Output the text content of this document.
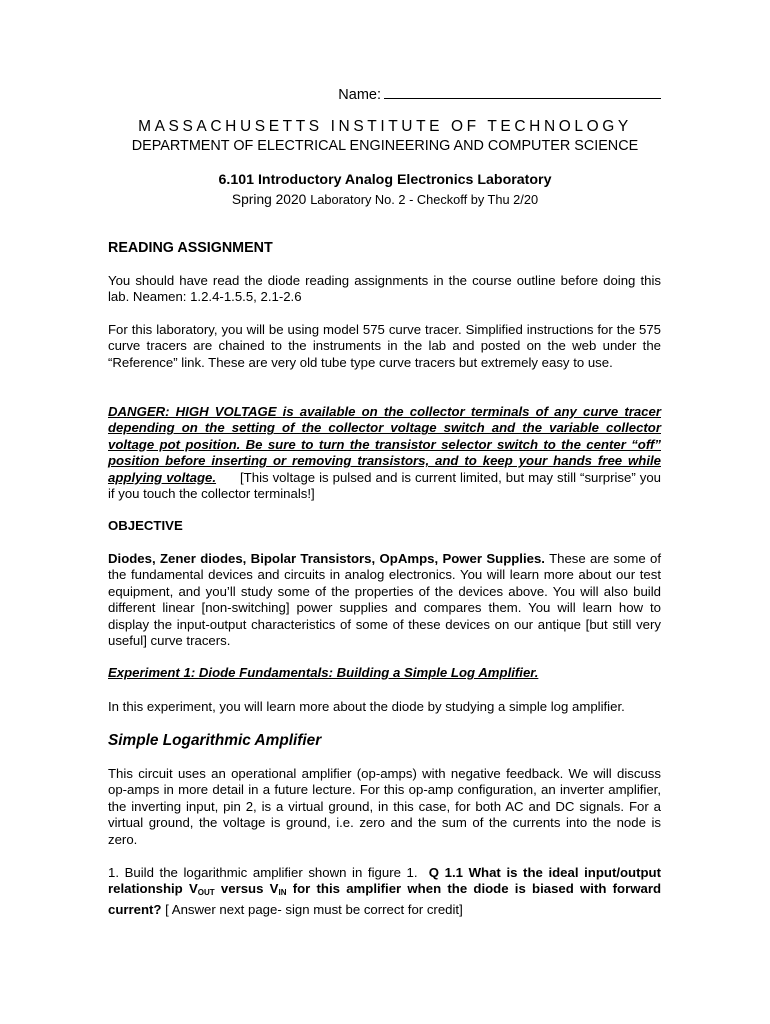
Name:
MASSACHUSETTS INSTITUTE OF TECHNOLOGY
DEPARTMENT OF ELECTRICAL ENGINEERING AND COMPUTER SCIENCE
6.101 Introductory Analog Electronics Laboratory
Spring 2020 Laboratory No. 2 - Checkoff by Thu 2/20
READING ASSIGNMENT

You should have read the diode reading assignments in the course outline before doing this lab. Neamen: 1.2.4-1.5.5, 2.1-2.6

For this laboratory, you will be using model 575 curve tracer. Simplified instructions for the 575 curve tracers are chained to the instruments in the lab and posted on the web under the “Reference” link. These are very old tube type curve tracers but extremely easy to use.

DANGER: HIGH VOLTAGE is available on the collector terminals of any curve tracer depending on the setting of the collector voltage switch and the variable collector voltage pot position. Be sure to turn the transistor selector switch to the center “off” position before inserting or removing transistors, and to keep your hands free while applying voltage. [This voltage is pulsed and is current limited, but may still “surprise” you if you touch the collector terminals!]

OBJECTIVE

Diodes, Zener diodes, Bipolar Transistors, OpAmps, Power Supplies. These are some of the fundamental devices and circuits in analog electronics. You will learn more about our test equipment, and you’ll study some of the properties of the devices above. You will also build different linear [non-switching] power supplies and compares them. You will learn how to display the input-output characteristics of some of these devices on our antique [but still very useful] curve tracers.

Experiment 1: Diode Fundamentals: Building a Simple Log Amplifier.

In this experiment, you will learn more about the diode by studying a simple log amplifier.

Simple Logarithmic Amplifier

This circuit uses an operational amplifier (op-amps) with negative feedback. We will discuss op-amps in more detail in a future lecture. For this op-amp configuration, an inverter amplifier, the inverting input, pin 2, is a virtual ground, in this case, for both AC and DC signals. For a virtual ground, the voltage is ground, i.e. zero and the sum of the currents into the node is zero.

1. Build the logarithmic amplifier shown in figure 1. Q 1.1 What is the ideal input/output relationship $V_{OUT}$ versus $V_{IN}$ for this amplifier when the diode is biased with forward current? [ Answer next page- sign must be correct for credit]
